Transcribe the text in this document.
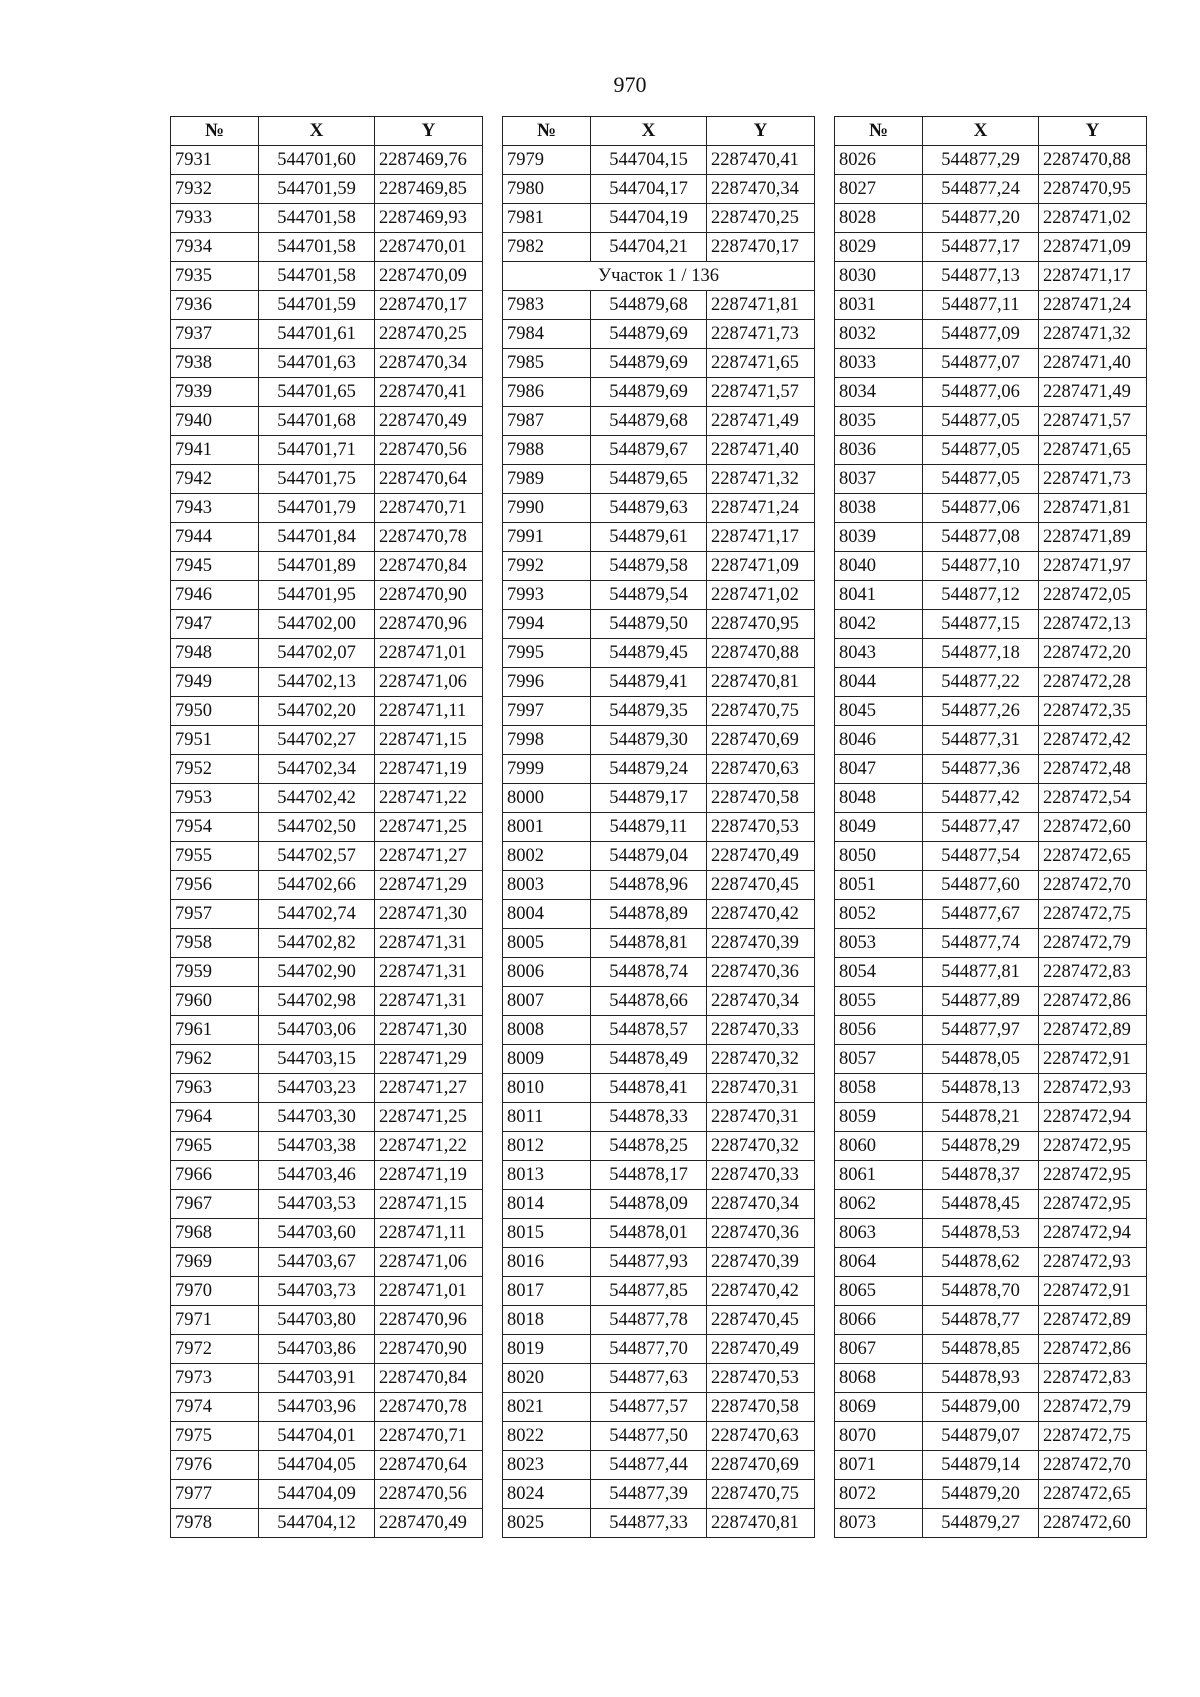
970
№	X	Y
7931	544701,60	2287469,76
7932	544701,59	2287469,85
7933	544701,58	2287469,93
7934	544701,58	2287470,01
7935	544701,58	2287470,09
7936	544701,59	2287470,17
7937	544701,61	2287470,25
7938	544701,63	2287470,34
7939	544701,65	2287470,41
7940	544701,68	2287470,49
7941	544701,71	2287470,56
7942	544701,75	2287470,64
7943	544701,79	2287470,71
7944	544701,84	2287470,78
7945	544701,89	2287470,84
7946	544701,95	2287470,90
7947	544702,00	2287470,96
7948	544702,07	2287471,01
7949	544702,13	2287471,06
7950	544702,20	2287471,11
7951	544702,27	2287471,15
7952	544702,34	2287471,19
7953	544702,42	2287471,22
7954	544702,50	2287471,25
7955	544702,57	2287471,27
7956	544702,66	2287471,29
7957	544702,74	2287471,30
7958	544702,82	2287471,31
7959	544702,90	2287471,31
7960	544702,98	2287471,31
7961	544703,06	2287471,30
7962	544703,15	2287471,29
7963	544703,23	2287471,27
7964	544703,30	2287471,25
7965	544703,38	2287471,22
7966	544703,46	2287471,19
7967	544703,53	2287471,15
7968	544703,60	2287471,11
7969	544703,67	2287471,06
7970	544703,73	2287471,01
7971	544703,80	2287470,96
7972	544703,86	2287470,90
7973	544703,91	2287470,84
7974	544703,96	2287470,78
7975	544704,01	2287470,71
7976	544704,05	2287470,64
7977	544704,09	2287470,56
7978	544704,12	2287470,49
№	X	Y
7979	544704,15	2287470,41
7980	544704,17	2287470,34
7981	544704,19	2287470,25
7982	544704,21	2287470,17
Участок 1 / 136		
7983	544879,68	2287471,81
7984	544879,69	2287471,73
7985	544879,69	2287471,65
7986	544879,69	2287471,57
7987	544879,68	2287471,49
7988	544879,67	2287471,40
7989	544879,65	2287471,32
7990	544879,63	2287471,24
7991	544879,61	2287471,17
7992	544879,58	2287471,09
7993	544879,54	2287471,02
7994	544879,50	2287470,95
7995	544879,45	2287470,88
7996	544879,41	2287470,81
7997	544879,35	2287470,75
7998	544879,30	2287470,69
7999	544879,24	2287470,63
8000	544879,17	2287470,58
8001	544879,11	2287470,53
8002	544879,04	2287470,49
8003	544878,96	2287470,45
8004	544878,89	2287470,42
8005	544878,81	2287470,39
8006	544878,74	2287470,36
8007	544878,66	2287470,34
8008	544878,57	2287470,33
8009	544878,49	2287470,32
8010	544878,41	2287470,31
8011	544878,33	2287470,31
8012	544878,25	2287470,32
8013	544878,17	2287470,33
8014	544878,09	2287470,34
8015	544878,01	2287470,36
8016	544877,93	2287470,39
8017	544877,85	2287470,42
8018	544877,78	2287470,45
8019	544877,70	2287470,49
8020	544877,63	2287470,53
8021	544877,57	2287470,58
8022	544877,50	2287470,63
8023	544877,44	2287470,69
8024	544877,39	2287470,75
8025	544877,33	2287470,81
№	X	Y
8026	544877,29	2287470,88
8027	544877,24	2287470,95
8028	544877,20	2287471,02
8029	544877,17	2287471,09
8030	544877,13	2287471,17
8031	544877,11	2287471,24
8032	544877,09	2287471,32
8033	544877,07	2287471,40
8034	544877,06	2287471,49
8035	544877,05	2287471,57
8036	544877,05	2287471,65
8037	544877,05	2287471,73
8038	544877,06	2287471,81
8039	544877,08	2287471,89
8040	544877,10	2287471,97
8041	544877,12	2287472,05
8042	544877,15	2287472,13
8043	544877,18	2287472,20
8044	544877,22	2287472,28
8045	544877,26	2287472,35
8046	544877,31	2287472,42
8047	544877,36	2287472,48
8048	544877,42	2287472,54
8049	544877,47	2287472,60
8050	544877,54	2287472,65
8051	544877,60	2287472,70
8052	544877,67	2287472,75
8053	544877,74	2287472,79
8054	544877,81	2287472,83
8055	544877,89	2287472,86
8056	544877,97	2287472,89
8057	544878,05	2287472,91
8058	544878,13	2287472,93
8059	544878,21	2287472,94
8060	544878,29	2287472,95
8061	544878,37	2287472,95
8062	544878,45	2287472,95
8063	544878,53	2287472,94
8064	544878,62	2287472,93
8065	544878,70	2287472,91
8066	544878,77	2287472,89
8067	544878,85	2287472,86
8068	544878,93	2287472,83
8069	544879,00	2287472,79
8070	544879,07	2287472,75
8071	544879,14	2287472,70
8072	544879,20	2287472,65
8073	544879,27	2287472,60
